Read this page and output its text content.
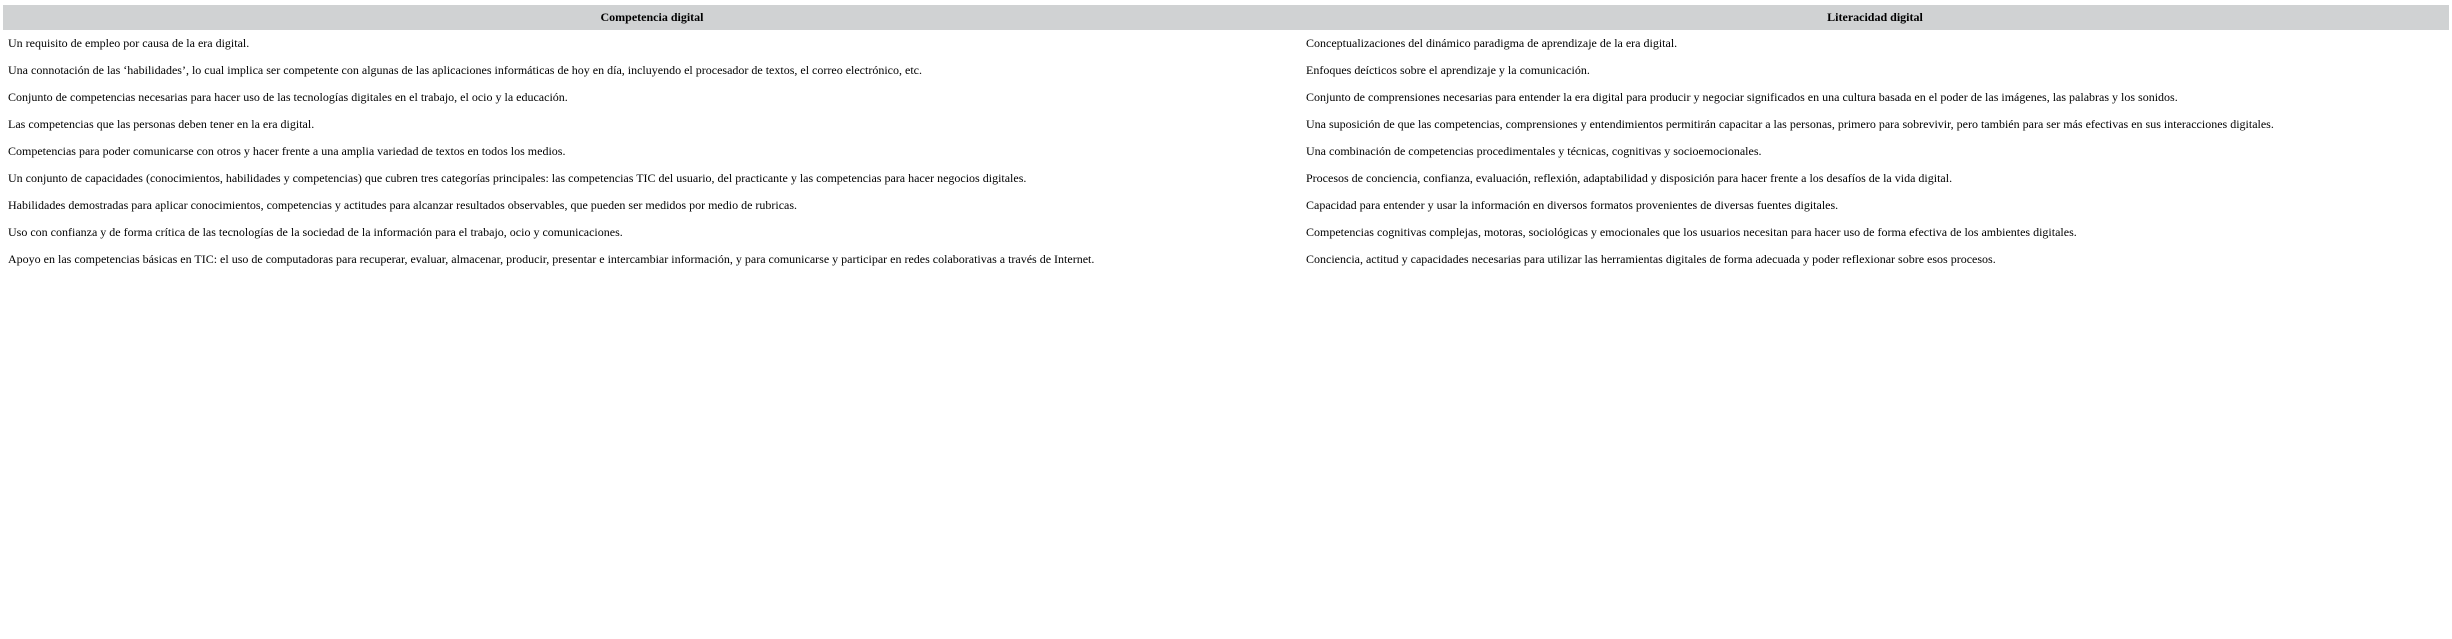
Competencia digital	Literacidad digital
Un requisito de empleo por causa de la era digital.	Conceptualizaciones del dinámico paradigma de aprendizaje de la era digital.
Una connotación de las ‘habilidades’, lo cual implica ser competente con algunas de las aplicaciones informáticas de hoy en día, incluyendo el procesador de textos, el correo electrónico, etc.	Enfoques deícticos sobre el aprendizaje y la comunicación.
Conjunto de competencias necesarias para hacer uso de las tecnologías digitales en el trabajo, el ocio y la educación.	Conjunto de comprensiones necesarias para entender la era digital para producir y negociar significados en una cultura basada en el poder de las imágenes, las palabras y los sonidos.
Las competencias que las personas deben tener en la era digital.	Una suposición de que las competencias, comprensiones y entendimientos permitirán capacitar a las personas, primero para sobrevivir, pero también para ser más efectivas en sus interacciones digitales.
Competencias para poder comunicarse con otros y hacer frente a una amplia variedad de textos en todos los medios.	Una combinación de competencias procedimentales y técnicas, cognitivas y socioemocionales.
Un conjunto de capacidades (conocimientos, habilidades y competencias) que cubren tres categorías principales: las competencias TIC del usuario, del practicante y las competencias para hacer negocios digitales.	Procesos de conciencia, confianza, evaluación, reflexión, adaptabilidad y disposición para hacer frente a los desafíos de la vida digital.
Habilidades demostradas para aplicar conocimientos, competencias y actitudes para alcanzar resultados observables, que pueden ser medidos por medio de rubricas.	Capacidad para entender y usar la información en diversos formatos provenientes de diversas fuentes digitales.
Uso con confianza y de forma crítica de las tecnologías de la sociedad de la información para el trabajo, ocio y comunicaciones.	Competencias cognitivas complejas, motoras, sociológicas y emocionales que los usuarios necesitan para hacer uso de forma efectiva de los ambientes digitales.
Apoyo en las competencias básicas en TIC: el uso de computadoras para recuperar, evaluar, almacenar, producir, presentar e intercambiar información, y para comunicarse y participar en redes colaborativas a través de Internet.	Conciencia, actitud y capacidades necesarias para utilizar las herramientas digitales de forma adecuada y poder reflexionar sobre esos procesos.
